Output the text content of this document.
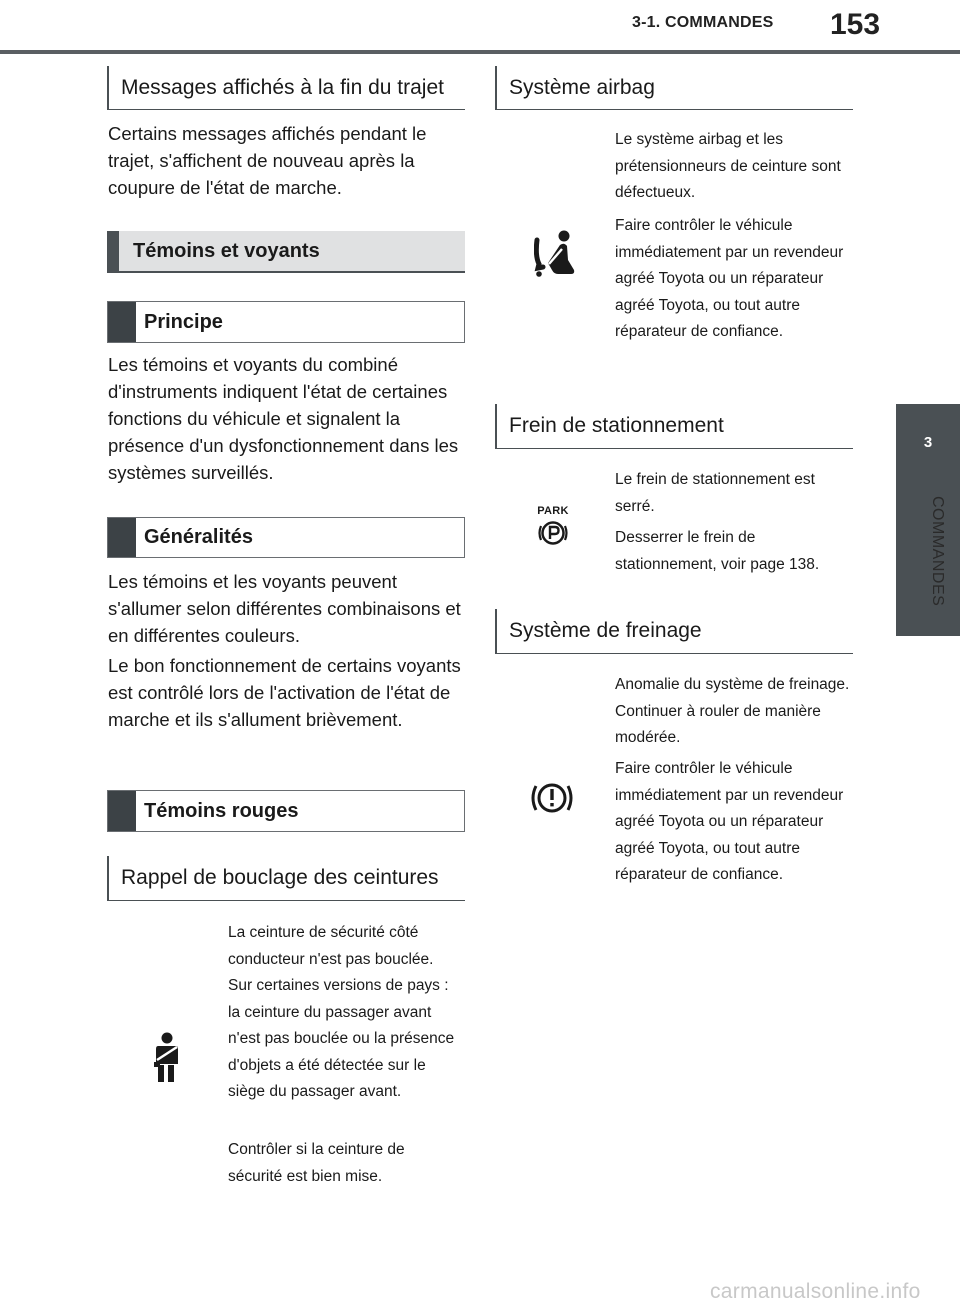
3-1. COMMANDES 153
3
COMMANDES
Messages affichés à la fin du trajet
Certains messages affichés pendant le trajet, s'affichent de nouveau après la coupure de l'état de marche.
Témoins et voyants
Principe
Les témoins et voyants du combiné d'instruments indiquent l'état de certaines fonctions du véhicule et signalent la présence d'un dysfonctionnement dans les systèmes surveillés.
Généralités
Les témoins et les voyants peuvent s'allumer selon différentes combinaisons et en différentes couleurs.
Le bon fonctionnement de certains voyants est contrôlé lors de l'activation de l'état de marche et ils s'allument brièvement.
Témoins rouges
Rappel de bouclage des ceintures
La ceinture de sécurité côté conducteur n'est pas bouclée. Sur certaines versions de pays : la ceinture du passager avant n'est pas bouclée ou la présence d'objets a été détectée sur le siège du passager avant.
Contrôler si la ceinture de sécurité est bien mise.
Système airbag
Le système airbag et les prétensionneurs de ceinture sont défectueux.
Faire contrôler le véhicule immédiatement par un revendeur agréé Toyota ou un réparateur agréé Toyota, ou tout autre réparateur de confiance.
Frein de stationnement
PARK
Le frein de stationnement est serré.
Desserrer le frein de stationnement, voir page 138.
Système de freinage
Anomalie du système de freinage. Continuer à rouler de manière modérée.
Faire contrôler le véhicule immédiatement par un revendeur agréé Toyota ou un réparateur agréé Toyota, ou tout autre réparateur de confiance.
carmanualsonline.info
